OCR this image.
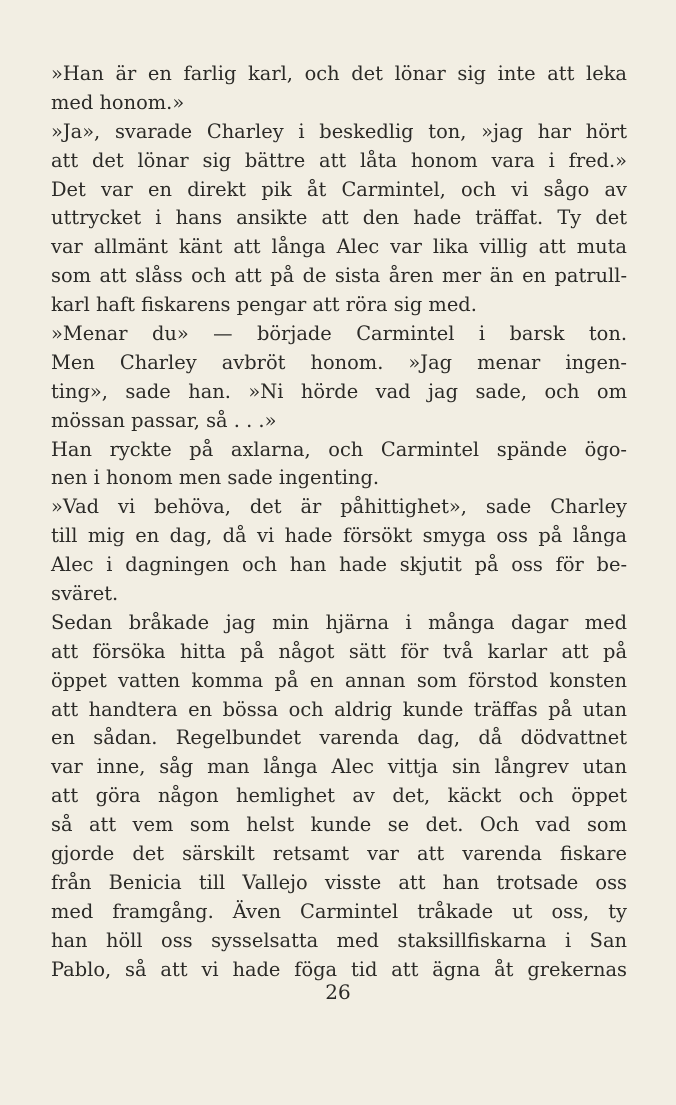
»Han är en farlig karl, och det lönar sig inte att leka
med honom.»
»Ja», svarade Charley i beskedlig ton, »jag har hört
att det lönar sig bättre att låta honom vara i fred.»
Det var en direkt pik åt Carmintel, och vi sågo av
uttrycket i hans ansikte att den hade träffat. Ty det
var allmänt känt att långa Alec var lika villig att muta
som att slåss och att på de sista åren mer än en patrull-
karl haft fiskarens pengar att röra sig med.
»Menar du» — började Carmintel i barsk ton.
Men Charley avbröt honom. »Jag menar ingen-
ting», sade han. »Ni hörde vad jag sade, och om
mössan passar, så . . .»
Han ryckte på axlarna, och Carmintel spände ögo-
nen i honom men sade ingenting.
»Vad vi behöva, det är påhittighet», sade Charley
till mig en dag, då vi hade försökt smyga oss på långa
Alec i dagningen och han hade skjutit på oss för be-
sväret.
Sedan bråkade jag min hjärna i många dagar med
att försöka hitta på något sätt för två karlar att på
öppet vatten komma på en annan som förstod konsten
att handtera en bössa och aldrig kunde träffas på utan
en sådan. Regelbundet varenda dag, då dödvattnet
var inne, såg man långa Alec vittja sin långrev utan
att göra någon hemlighet av det, käckt och öppet
så att vem som helst kunde se det. Och vad som
gjorde det särskilt retsamt var att varenda fiskare
från Benicia till Vallejo visste att han trotsade oss
med framgång. Även Carmintel tråkade ut oss, ty
han höll oss sysselsatta med staksillfiskarna i San
Pablo, så att vi hade föga tid att ägna åt grekernas
26
